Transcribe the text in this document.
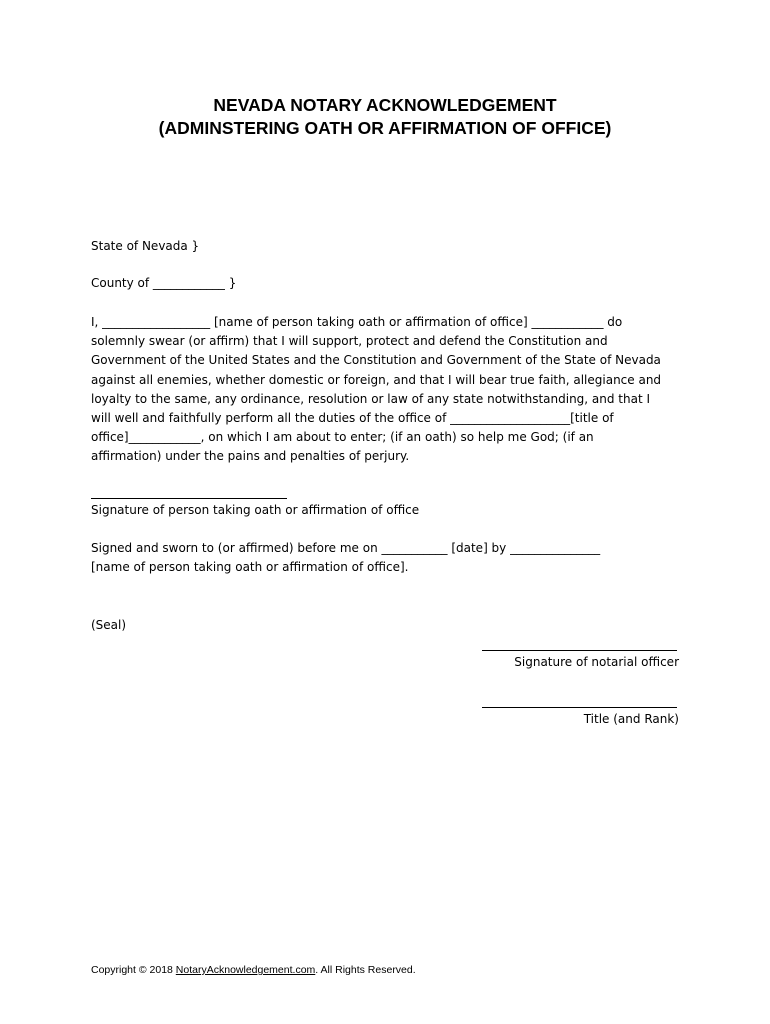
NEVADA NOTARY ACKNOWLEDGEMENT
(ADMINSTERING OATH OR AFFIRMATION OF OFFICE)

State of Nevada }

County of ____________ }

I, __________________ [name of person taking oath or affirmation of office] ____________ do
solemnly swear (or affirm) that I will support, protect and defend the Constitution and
Government of the United States and the Constitution and Government of the State of Nevada
against all enemies, whether domestic or foreign, and that I will bear true faith, allegiance and
loyalty to the same, any ordinance, resolution or law of any state notwithstanding, and that I
will well and faithfully perform all the duties of the office of ____________________[title of
office]____________, on which I am about to enter; (if an oath) so help me God; (if an
affirmation) under the pains and penalties of perjury.

Signature of person taking oath or affirmation of office

Signed and sworn to (or affirmed) before me on ___________ [date] by _______________

[name of person taking oath or affirmation of office].

(Seal)

Signature of notarial officer

Title (and Rank)

Copyright © 2018 NotaryAcknowledgement.com. All Rights Reserved.
